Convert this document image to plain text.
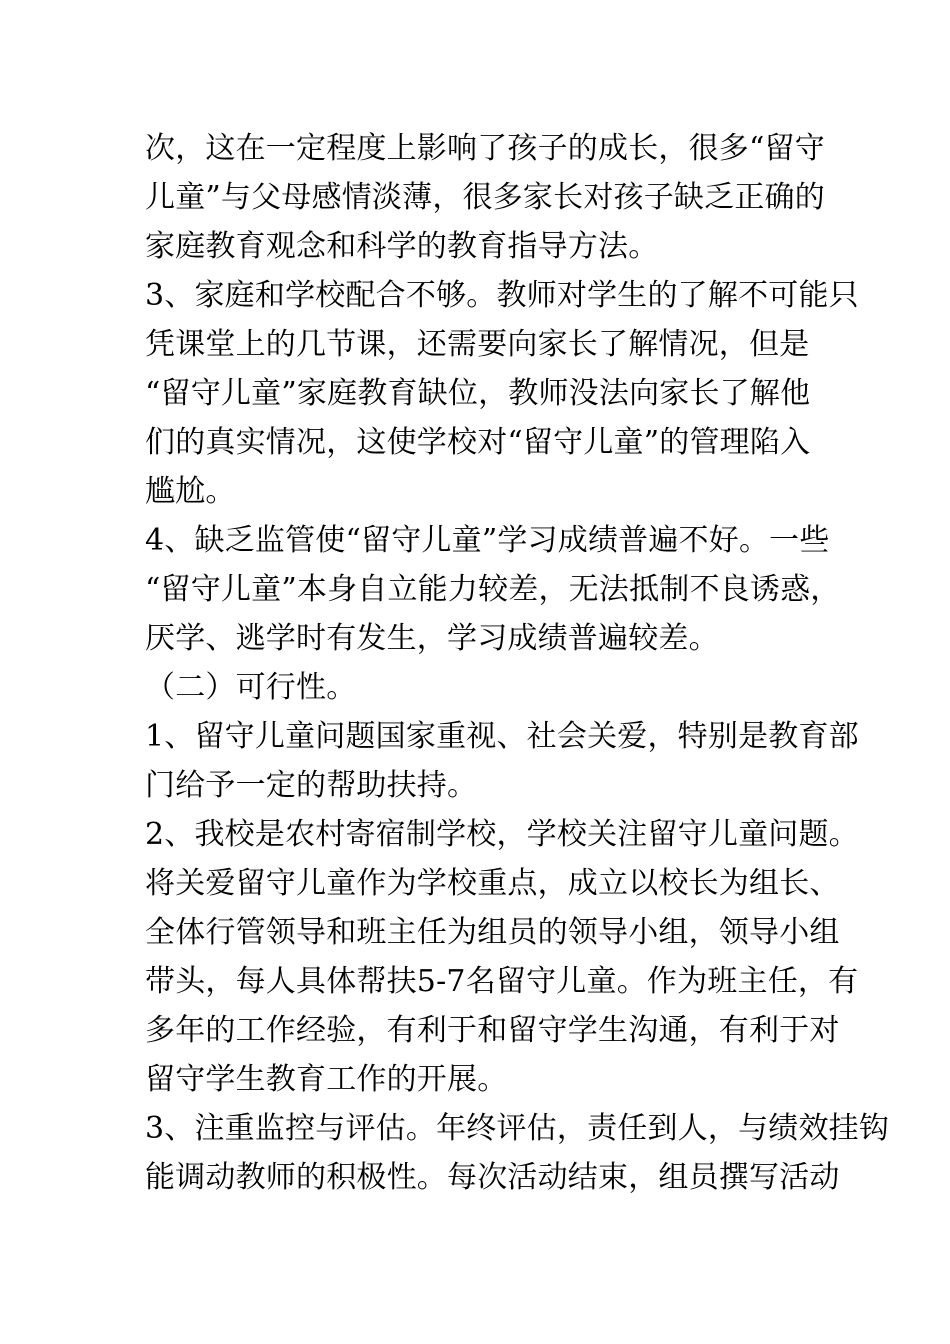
次，这在一定程度上影响了孩子的成长，很多“留守
儿童”与父母感情淡薄，很多家长对孩子缺乏正确的
家庭教育观念和科学的教育指导方法。

3、家庭和学校配合不够。教师对学生的了解不可能只
凭课堂上的几节课，还需要向家长了解情况，但是
“留守儿童”家庭教育缺位，教师没法向家长了解他
们的真实情况，这使学校对“留守儿童”的管理陷入
尴尬。

4、缺乏监管使“留守儿童”学习成绩普遍不好。一些
“留守儿童”本身自立能力较差，无法抵制不良诱惑，
厌学、逃学时有发生，学习成绩普遍较差。

（二）可行性。

1、留守儿童问题国家重视、社会关爱，特别是教育部
门给予一定的帮助扶持。

2、我校是农村寄宿制学校，学校关注留守儿童问题。
将关爱留守儿童作为学校重点，成立以校长为组长、
全体行管领导和班主任为组员的领导小组，领导小组
带头，每人具体帮扶5-7名留守儿童。作为班主任，有
多年的工作经验，有利于和留守学生沟通，有利于对
留守学生教育工作的开展。

3、注重监控与评估。年终评估，责任到人，与绩效挂钩
能调动教师的积极性。每次活动结束，组员撰写活动
